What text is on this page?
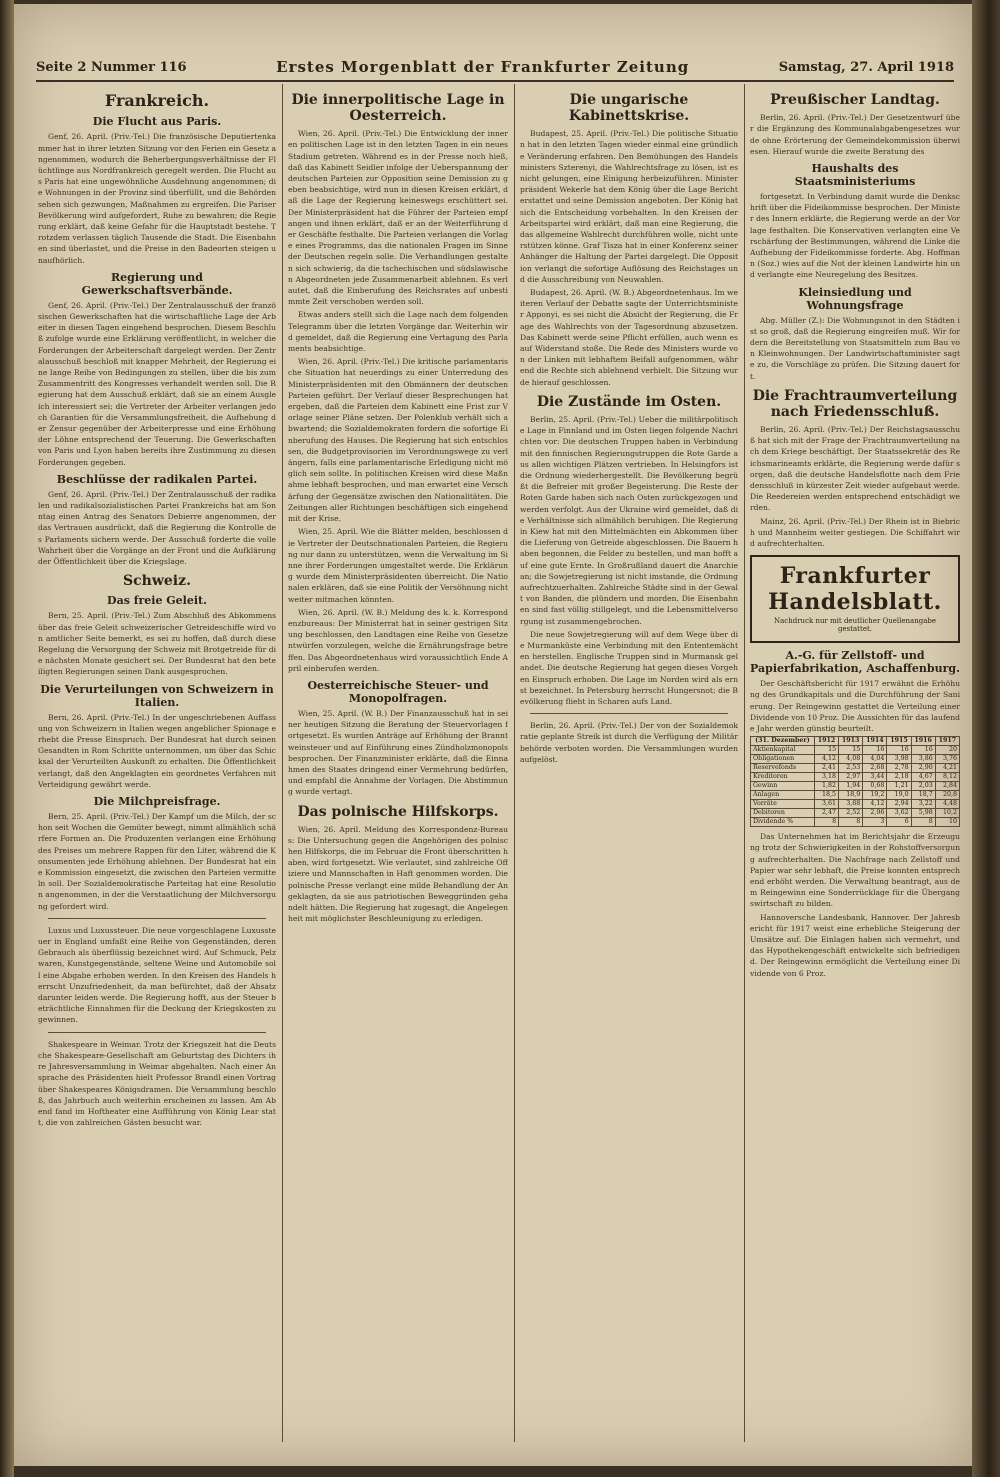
Seite 2 Nummer 116	Erstes Morgenblatt der Frankfurter Zeitung	Samstag, 27. April 1918
Frankreich.
Die Flucht aus Paris.

Genf, 26. April. (Priv.-Tel.) Die französische Deputiertenkammer hat in ihrer letzten Sitzung vor den Ferien ein Gesetz angenommen, wodurch die Beherbergungsverhältnisse der Flüchtlinge aus Nordfrankreich geregelt werden. Die Flucht aus Paris hat eine ungewöhnliche Ausdehnung angenommen; die Wohnungen in der Provinz sind überfüllt, und die Behörden sehen sich gezwungen, Maßnahmen zu ergreifen. Die Pariser Bevölkerung wird aufgefordert, Ruhe zu bewahren; die Regierung erklärt, daß keine Gefahr für die Hauptstadt bestehe. Trotzdem verlassen täglich Tausende die Stadt. Die Eisenbahnen sind überlastet, und die Preise in den Badeorten steigen unaufhörlich.

Regierung und Gewerkschaftsverbände.

Genf, 26. April. (Priv.-Tel.) Der Zentralausschuß der französischen Gewerkschaften hat die wirtschaftliche Lage der Arbeiter in diesen Tagen eingehend besprochen. Diesem Beschluß zufolge wurde eine Erklärung veröffentlicht, in welcher die Forderungen der Arbeiterschaft dargelegt werden. Der Zentralausschuß beschloß mit knapper Mehrheit, der Regierung eine lange Reihe von Bedingungen zu stellen, über die bis zum Zusammentritt des Kongresses verhandelt werden soll. Die Regierung hat dem Ausschuß erklärt, daß sie an einem Ausgleich interessiert sei; die Vertreter der Arbeiter verlangen jedoch Garantien für die Versammlungsfreiheit, die Aufhebung der Zensur gegenüber der Arbeiterpresse und eine Erhöhung der Löhne entsprechend der Teuerung. Die Gewerkschaften von Paris und Lyon haben bereits ihre Zustimmung zu diesen Forderungen gegeben.

Beschlüsse der radikalen Partei.

Genf, 26. April. (Priv.-Tel.) Der Zentralausschuß der radikalen und radikalsozialistischen Partei Frankreichs hat am Sonntag einen Antrag des Senators Debierre angenommen, der das Vertrauen ausdrückt, daß die Regierung die Kontrolle des Parlaments sichern werde. Der Ausschuß forderte die volle Wahrheit über die Vorgänge an der Front und die Aufklärung der Öffentlichkeit über die Kriegslage.

Schweiz.
Das freie Geleit.

Bern, 25. April. (Priv.-Tel.) Zum Abschluß des Abkommens über das freie Geleit schweizerischer Getreideschiffe wird von amtlicher Seite bemerkt, es sei zu hoffen, daß durch diese Regelung die Versorgung der Schweiz mit Brotgetreide für die nächsten Monate gesichert sei. Der Bundesrat hat den beteiligten Regierungen seinen Dank ausgesprochen.

Die Verurteilungen von Schweizern in Italien.

Bern, 26. April. (Priv.-Tel.) In der ungeschriebenen Auffassung von Schweizern in Italien wegen angeblicher Spionage erhebt die Presse Einspruch. Der Bundesrat hat durch seinen Gesandten in Rom Schritte unternommen, um über das Schicksal der Verurteilten Auskunft zu erhalten. Die Öffentlichkeit verlangt, daß den Angeklagten ein geordnetes Verfahren mit Verteidigung gewährt werde.

Die Milchpreisfrage.

Bern, 25. April. (Priv.-Tel.) Der Kampf um die Milch, der schon seit Wochen die Gemüter bewegt, nimmt allmählich schärfere Formen an. Die Produzenten verlangen eine Erhöhung des Preises um mehrere Rappen für den Liter, während die Konsumenten jede Erhöhung ablehnen. Der Bundesrat hat eine Kommission eingesetzt, die zwischen den Parteien vermitteln soll. Der Sozialdemokratische Parteitag hat eine Resolution angenommen, in der die Verstaatlichung der Milchversorgung gefordert wird.

Luxus und Luxussteuer. Die neue vorgeschlagene Luxussteuer in England umfaßt eine Reihe von Gegenständen, deren Gebrauch als überflüssig bezeichnet wird. Auf Schmuck, Pelzwaren, Kunstgegenstände, seltene Weine und Automobile soll eine Abgabe erhoben werden. In den Kreisen des Handels herrscht Unzufriedenheit, da man befürchtet, daß der Absatz darunter leiden werde. Die Regierung hofft, aus der Steuer beträchtliche Einnahmen für die Deckung der Kriegskosten zu gewinnen.

Shakespeare in Weimar. Trotz der Kriegszeit hat die Deutsche Shakespeare-Gesellschaft am Geburtstag des Dichters ihre Jahresversammlung in Weimar abgehalten. Nach einer Ansprache des Präsidenten hielt Professor Brandl einen Vortrag über Shakespeares Königsdramen. Die Versammlung beschloß, das Jahrbuch auch weiterhin erscheinen zu lassen. Am Abend fand im Hoftheater eine Aufführung von König Lear statt, die von zahlreichen Gästen besucht war.

Die innerpolitische Lage in Oesterreich.

Wien, 26. April. (Priv.-Tel.) Die Entwicklung der inneren politischen Lage ist in den letzten Tagen in ein neues Stadium getreten. Während es in der Presse noch hieß, daß das Kabinett Seidler infolge der Ueberspannung der deutschen Parteien zur Opposition seine Demission zu geben beabsichtige, wird nun in diesen Kreisen erklärt, daß die Lage der Regierung keineswegs erschüttert sei. Der Ministerpräsident hat die Führer der Parteien empfangen und ihnen erklärt, daß er an der Weiterführung der Geschäfte festhalte. Die Parteien verlangen die Vorlage eines Programms, das die nationalen Fragen im Sinne der Deutschen regeln solle. Die Verhandlungen gestalten sich schwierig, da die tschechischen und südslawischen Abgeordneten jede Zusammenarbeit ablehnen. Es verlautet, daß die Einberufung des Reichsrates auf unbestimmte Zeit verschoben werden soll.

Etwas anders stellt sich die Lage nach dem folgenden Telegramm über die letzten Vorgänge dar. Weiterhin wird gemeldet, daß die Regierung eine Vertagung des Parlaments beabsichtige.

Wien, 26. April. (Priv.-Tel.) Die kritische parlamentarische Situation hat neuerdings zu einer Unterredung des Ministerpräsidenten mit den Obmännern der deutschen Parteien geführt. Der Verlauf dieser Besprechungen hat ergeben, daß die Parteien dem Kabinett eine Frist zur Vorlage seiner Pläne setzen. Der Polenklub verhält sich abwartend; die Sozialdemokraten fordern die sofortige Einberufung des Hauses. Die Regierung hat sich entschlossen, die Budgetprovisorien im Verordnungswege zu verlängern, falls eine parlamentarische Erledigung nicht möglich sein sollte. In politischen Kreisen wird diese Maßnahme lebhaft besprochen, und man erwartet eine Verschärfung der Gegensätze zwischen den Nationalitäten. Die Zeitungen aller Richtungen beschäftigen sich eingehend mit der Krise.

Wien, 25. April. Wie die Blätter melden, beschlossen die Vertreter der Deutschnationalen Parteien, die Regierung nur dann zu unterstützen, wenn die Verwaltung im Sinne ihrer Forderungen umgestaltet werde. Die Erklärung wurde dem Ministerpräsidenten überreicht. Die Nationalen erklären, daß sie eine Politik der Versöhnung nicht weiter mitmachen könnten.

Wien, 26. April. (W. B.) Meldung des k. k. Korrespondenzbureaus: Der Ministerrat hat in seiner gestrigen Sitzung beschlossen, den Landtagen eine Reihe von Gesetzentwürfen vorzulegen, welche die Ernährungsfrage betreffen. Das Abgeordnetenhaus wird voraussichtlich Ende April einberufen werden.

Oesterreichische Steuer- und Monopolfragen.

Wien, 25. April. (W. B.) Der Finanzausschuß hat in seiner heutigen Sitzung die Beratung der Steuervorlagen fortgesetzt. Es wurden Anträge auf Erhöhung der Branntweinsteuer und auf Einführung eines Zündholzmonopols besprochen. Der Finanzminister erklärte, daß die Einnahmen des Staates dringend einer Vermehrung bedürfen, und empfahl die Annahme der Vorlagen. Die Abstimmung wurde vertagt.

Das polnische Hilfskorps.

Wien, 26. April. Meldung des Korrespondenz-Bureaus: Die Untersuchung gegen die Angehörigen des polnischen Hilfskorps, die im Februar die Front überschritten haben, wird fortgesetzt. Wie verlautet, sind zahlreiche Offiziere und Mannschaften in Haft genommen worden. Die polnische Presse verlangt eine milde Behandlung der Angeklagten, da sie aus patriotischen Beweggründen gehandelt hätten. Die Regierung hat zugesagt, die Angelegenheit mit möglichster Beschleunigung zu erledigen.

Die ungarische Kabinettskrise.

Budapest, 25. April. (Priv.-Tel.) Die politische Situation hat in den letzten Tagen wieder einmal eine gründliche Veränderung erfahren. Den Bemühungen des Handelsministers Szterenyi, die Wahlrechtsfrage zu lösen, ist es nicht gelungen, eine Einigung herbeizuführen. Ministerpräsident Wekerle hat dem König über die Lage Bericht erstattet und seine Demission angeboten. Der König hat sich die Entscheidung vorbehalten. In den Kreisen der Arbeitspartei wird erklärt, daß man eine Regierung, die das allgemeine Wahlrecht durchführen wolle, nicht unterstützen könne. Graf Tisza hat in einer Konferenz seiner Anhänger die Haltung der Partei dargelegt. Die Opposition verlangt die sofortige Auflösung des Reichstages und die Ausschreibung von Neuwahlen.

Budapest, 26. April. (W. B.) Abgeordnetenhaus. Im weiteren Verlauf der Debatte sagte der Unterrichtsminister Apponyi, es sei nicht die Absicht der Regierung, die Frage des Wahlrechts von der Tagesordnung abzusetzen. Das Kabinett werde seine Pflicht erfüllen, auch wenn es auf Widerstand stoße. Die Rede des Ministers wurde von der Linken mit lebhaftem Beifall aufgenommen, während die Rechte sich ablehnend verhielt. Die Sitzung wurde hierauf geschlossen.

Die Zustände im Osten.

Berlin, 25. April. (Priv.-Tel.) Ueber die militärpolitische Lage in Finnland und im Osten liegen folgende Nachrichten vor: Die deutschen Truppen haben in Verbindung mit den finnischen Regierungstruppen die Rote Garde aus allen wichtigen Plätzen vertrieben. In Helsingfors ist die Ordnung wiederhergestellt. Die Bevölkerung begrüßt die Befreier mit großer Begeisterung. Die Reste der Roten Garde haben sich nach Osten zurückgezogen und werden verfolgt. Aus der Ukraine wird gemeldet, daß die Verhältnisse sich allmählich beruhigen. Die Regierung in Kiew hat mit den Mittelmächten ein Abkommen über die Lieferung von Getreide abgeschlossen. Die Bauern haben begonnen, die Felder zu bestellen, und man hofft auf eine gute Ernte. In Großrußland dauert die Anarchie an; die Sowjetregierung ist nicht imstande, die Ordnung aufrechtzuerhalten. Zahlreiche Städte sind in der Gewalt von Banden, die plündern und morden. Die Eisenbahnen sind fast völlig stillgelegt, und die Lebensmittelversorgung ist zusammengebrochen.

Die neue Sowjetregierung will auf dem Wege über die Murmanküste eine Verbindung mit den Ententemächten herstellen. Englische Truppen sind in Murmansk gelandet. Die deutsche Regierung hat gegen dieses Vorgehen Einspruch erhoben. Die Lage im Norden wird als ernst bezeichnet. In Petersburg herrscht Hungersnot; die Bevölkerung flieht in Scharen aufs Land.

Berlin, 26. April. (Priv.-Tel.) Der von der Sozialdemokratie geplante Streik ist durch die Verfügung der Militärbehörde verboten worden. Die Versammlungen wurden aufgelöst.

Preußischer Landtag.

Berlin, 26. April. (Priv.-Tel.) Der Gesetzentwurf über die Ergänzung des Kommunalabgabengesetzes wurde ohne Erörterung der Gemeindekommission überwiesen. Hierauf wurde die zweite Beratung des

Haushalts des Staatsministeriums

fortgesetzt. In Verbindung damit wurde die Denkschrift über die Fideikommisse besprochen. Der Minister des Innern erklärte, die Regierung werde an der Vorlage festhalten. Die Konservativen verlangten eine Verschärfung der Bestimmungen, während die Linke die Aufhebung der Fideikommisse forderte. Abg. Hoffmann (Soz.) wies auf die Not der kleinen Landwirte hin und verlangte eine Neuregelung des Besitzes.

Kleinsiedlung und Wohnungsfrage

Abg. Müller (Z.): Die Wohnungsnot in den Städten ist so groß, daß die Regierung eingreifen muß. Wir fordern die Bereitstellung von Staatsmitteln zum Bau von Kleinwohnungen. Der Landwirtschaftsminister sagte zu, die Vorschläge zu prüfen. Die Sitzung dauert fort.

Die Frachtraumverteilung nach Friedensschluß.

Berlin, 26. April. (Priv.-Tel.) Der Reichstagsausschuß hat sich mit der Frage der Frachtraumverteilung nach dem Kriege beschäftigt. Der Staatssekretär des Reichsmarineamts erklärte, die Regierung werde dafür sorgen, daß die deutsche Handelsflotte nach dem Friedensschluß in kürzester Zeit wieder aufgebaut werde. Die Reedereien werden entsprechend entschädigt werden.

Mainz, 26. April. (Priv.-Tel.) Der Rhein ist in Biebrich und Mannheim weiter gestiegen. Die Schiffahrt wird aufrechterhalten.

Frankfurter Handelsblatt.
Nachdruck nur mit deutlicher Quellenangabe gestattet.
A.-G. für Zellstoff- und Papierfabrikation, Aschaffenburg.

Der Geschäftsbericht für 1917 erwähnt die Erhöhung des Grundkapitals und die Durchführung der Sanierung. Der Reingewinn gestattet die Verteilung einer Dividende von 10 Proz. Die Aussichten für das laufende Jahr werden günstig beurteilt.

(31. Dezember)	1912	1913	1914	1915	1916	1917
Aktienkapital	15	15	16	16	16	20
Obligationen	4,12	4,08	4,04	3,98	3,86	3,76
Reservefonds	2,41	2,53	2,68	2,78	2,90	4,21
Kreditoren	3,18	2,97	3,44	2,18	4,67	8,12
Gewinn	1,82	1,94	0,68	1,21	2,03	2,84
Anlagen	18,5	18,9	19,2	19,0	18,7	20,8
Vorräte	3,61	3,88	4,12	2,94	3,22	4,48
Debitoren	2,47	2,52	2,96	3,62	5,98	10,2
Dividende %	8	8	3	6	8	10

Das Unternehmen hat im Berichtsjahr die Erzeugung trotz der Schwierigkeiten in der Rohstoffversorgung aufrechterhalten. Die Nachfrage nach Zellstoff und Papier war sehr lebhaft, die Preise konnten entsprechend erhöht werden. Die Verwaltung beantragt, aus dem Reingewinn eine Sonderrücklage für die Übergangswirtschaft zu bilden.

Hannoversche Landesbank, Hannover. Der Jahresbericht für 1917 weist eine erhebliche Steigerung der Umsätze auf. Die Einlagen haben sich vermehrt, und das Hypothekengeschäft entwickelte sich befriedigend. Der Reingewinn ermöglicht die Verteilung einer Dividende von 6 Proz.
